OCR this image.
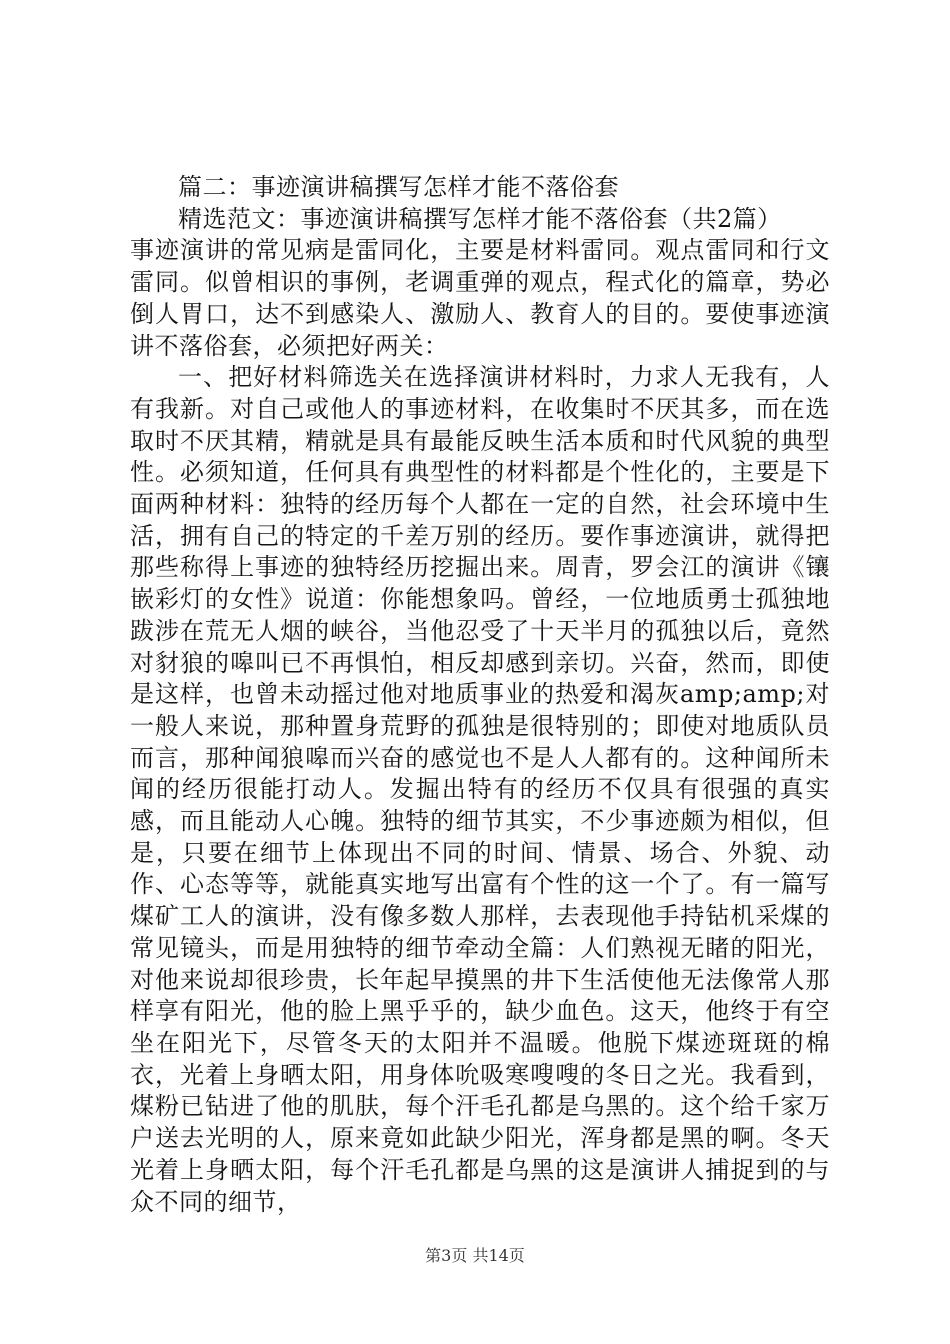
篇二：事迹演讲稿撰写怎样才能不落俗套

精选范文：事迹演讲稿撰写怎样才能不落俗套（共2篇）

事迹演讲的常见病是雷同化，主要是材料雷同。观点雷同和行文雷同。似曾相识的事例，老调重弹的观点，程式化的篇章，势必倒人胃口，达不到感染人、激励人、教育人的目的。要使事迹演讲不落俗套，必须把好两关：

一、把好材料筛选关在选择演讲材料时，力求人无我有，人有我新。对自己或他人的事迹材料，在收集时不厌其多，而在选取时不厌其精，精就是具有最能反映生活本质和时代风貌的典型性。必须知道，任何具有典型性的材料都是个性化的，主要是下面两种材料：独特的经历每个人都在一定的自然，社会环境中生活，拥有自己的特定的千差万别的经历。要作事迹演讲，就得把那些称得上事迹的独特经历挖掘出来。周青，罗会江的演讲《镶嵌彩灯的女性》说道：你能想象吗。曾经，一位地质勇士孤独地跋涉在荒无人烟的峡谷，当他忍受了十天半月的孤独以后，竟然对豺狼的嗥叫已不再惧怕，相反却感到亲切。兴奋，然而，即使是这样，也曾未动摇过他对地质事业的热爱和渴灰amp;amp;对一般人来说，那种置身荒野的孤独是很特别的；即使对地质队员而言，那种闻狼嗥而兴奋的感觉也不是人人都有的。这种闻所未闻的经历很能打动人。发掘出特有的经历不仅具有很强的真实感，而且能动人心魄。独特的细节其实，不少事迹颇为相似，但是，只要在细节上体现出不同的时间、情景、场合、外貌、动作、心态等等，就能真实地写出富有个性的这一个了。有一篇写煤矿工人的演讲，没有像多数人那样，去表现他手持钻机采煤的常见镜头，而是用独特的细节牵动全篇：人们熟视无睹的阳光，对他来说却很珍贵，长年起早摸黑的井下生活使他无法像常人那样享有阳光，他的脸上黑乎乎的，缺少血色。这天，他终于有空坐在阳光下，尽管冬天的太阳并不温暖。他脱下煤迹斑斑的棉衣，光着上身晒太阳，用身体吮吸寒嗖嗖的冬日之光。我看到，煤粉已钻进了他的肌肤，每个汗毛孔都是乌黑的。这个给千家万户送去光明的人，原来竟如此缺少阳光，浑身都是黑的啊。冬天光着上身晒太阳，每个汗毛孔都是乌黑的这是演讲人捕捉到的与众不同的细节，

第3页 共14页
